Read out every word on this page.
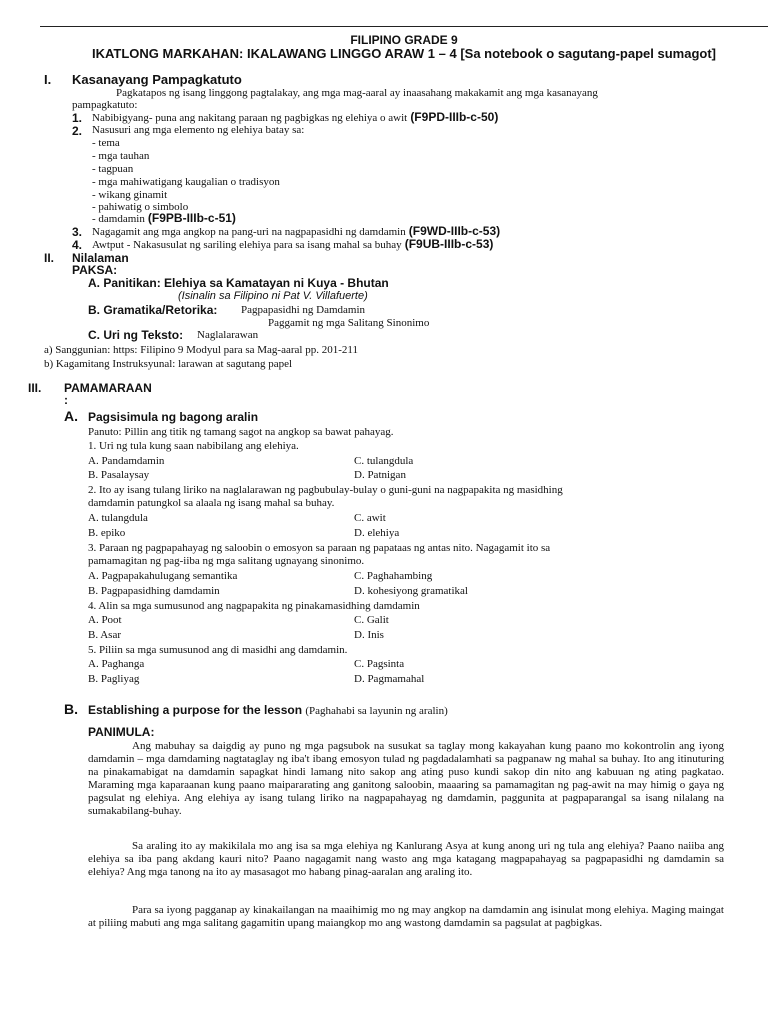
FILIPINO GRADE 9
IKATLONG MARKAHAN: IKALAWANG LINGGO ARAW 1 – 4 [Sa notebook o sagutang-papel sumagot]
I. Kasanayang Pampagkatuto
Pagkatapos ng isang linggong pagtalakay, ang mga mag-aaral ay inaasahang makakamit ang mga kasanayang
pampagkatuto:
1. Nabibigyang- puna ang nakitang paraan ng pagbigkas ng elehiya o awit (F9PD-IIIb-c-50)
2. Nasusuri ang mga elemento ng elehiya batay sa:
- tema
- mga tauhan
- tagpuan
- mga mahiwatigang kaugalian o tradisyon
- wikang ginamit
- pahiwatig o simbolo
- damdamin (F9PB-IIIb-c-51)
3. Nagagamit ang mga angkop na pang-uri na nagpapasidhi ng damdamin (F9WD-IIIb-c-53)
4. Awtput - Nakasusulat ng sariling elehiya para sa isang mahal sa buhay (F9UB-IIIb-c-53)
II. Nilalaman
PAKSA:
A. Panitikan: Elehiya sa Kamatayan ni Kuya - Bhutan
(Isinalin sa Filipino ni Pat V. Villafuerte)
B. Gramatika/Retorika: Pagpapasidhi ng Damdamin
Paggamit ng mga Salitang Sinonimo
C. Uri ng Teksto: Naglalarawan
a) Sanggunian: https: Filipino 9 Modyul para sa Mag-aaral pp. 201-211
b) Kagamitang Instruksyunal: larawan at sagutang papel
III. PAMAMARAAN
:
A. Pagsisimula ng bagong aralin
Panuto: Pillin ang titik ng tamang sagot na angkop sa bawat pahayag.
1. Uri ng tula kung saan nabibilang ang elehiya.
A. Pandamdamin	C. tulangdula
B. Pasalaysay	D. Patnigan
2. Ito ay isang tulang liriko na naglalarawan ng pagbubulay-bulay o guni-guni na nagpapakita ng masidhing
damdamin patungkol sa alaala ng isang mahal sa buhay.
A. tulangdula	C. awit
B. epiko	D. elehiya
3. Paraan ng pagpapahayag ng saloobin o emosyon sa paraan ng papataas ng antas nito. Nagagamit ito sa
pamamagitan ng pag-iiba ng mga salitang ugnayang sinonimo.
A. Pagpapakahulugang semantika	C. Paghahambing
B. Pagpapasidhing damdamin	D. kohesiyong gramatikal
4. Alin sa mga sumusunod ang nagpapakita ng pinakamasidhing damdamin
A. Poot	C. Galit
B. Asar	D. Inis
5. Piliin sa mga sumusunod ang di masidhi ang damdamin.
A. Paghanga	C. Pagsinta
B. Pagliyag	D. Pagmamahal
B. Establishing a purpose for the lesson (Paghahabi sa layunin ng aralin)
PANIMULA:
Ang mabuhay sa daigdig ay puno ng mga pagsubok na susukat sa taglay mong kakayahan kung paano mo kokontrolin ang iyong damdamin – mga damdaming nagtataglay ng iba't ibang emosyon tulad ng pagdadalamhati sa pagpanaw ng mahal sa buhay. Ito ang itinuturing na pinakamabigat na damdamin sapagkat hindi lamang nito sakop ang ating puso kundi sakop din nito ang kabuuan ng ating pagkatao. Maraming mga kaparaanan kung paano maipararating ang ganitong saloobin, maaaring sa pamamagitan ng pag-awit na may himig o gaya ng pagsulat ng elehiya. Ang elehiya ay isang tulang liriko na nagpapahayag ng damdamin, paggunita at pagpaparangal sa isang nilalang na sumakabilang-buhay.
Sa araling ito ay makikilala mo ang isa sa mga elehiya ng Kanlurang Asya at kung anong uri ng tula ang elehiya? Paano naiiba ang elehiya sa iba pang akdang kauri nito? Paano nagagamit nang wasto ang mga katagang magpapahayag sa pagpapasidhi ng damdamin sa elehiya? Ang mga tanong na ito ay masasagot mo habang pinag-aaralan ang araling ito.
Para sa iyong pagganap ay kinakailangan na maaihimig mo ng may angkop na damdamin ang isinulat mong elehiya. Maging maingat at piliing mabuti ang mga salitang gagamitin upang maiangkop mo ang wastong damdamin sa pagsulat at pagbigkas.
